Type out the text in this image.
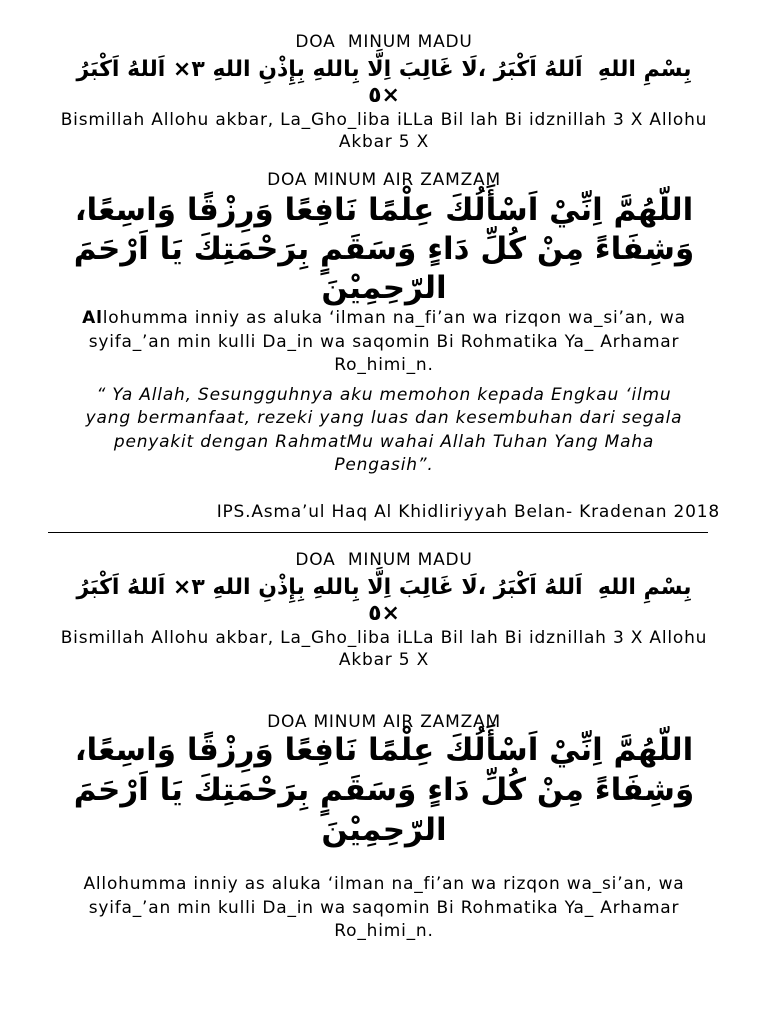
DOA  MINUM MADU
بِسْمِ اللهِ  اَللهُ اَكْبَرُ ،لَا غَالِبَ اِلَّا بِاللهِ بِإِذْنِ اللهِ ٣× اَللهُ اَكْبَرُ
×٥
Bismillah Allohu akbar, La_Gho_liba iLLa Bil lah Bi idznillah 3 X Allohu
Akbar 5 X
DOA MINUM AIR ZAMZAM
اللّهُمَّ اِنِّيْ اَسْأَلُكَ عِلْمًا نَافِعًا وَرِزْقًا وَاسِعًا،
وَشِفَاءً مِنْ كُلِّ دَاءٍ وَسَقَمٍ بِرَحْمَتِكَ يَا اَرْحَمَ
الرّحِمِيْنَ
Allohumma inniy as aluka ‘ilman na_fi’an wa rizqon wa_si’an, wa
syifa_’an min kulli Da_in wa saqomin Bi Rohmatika Ya_ Arhamar
Ro_himi_n.
“ Ya Allah, Sesungguhnya aku memohon kepada Engkau ‘ilmu
yang bermanfaat, rezeki yang luas dan kesembuhan dari segala
penyakit dengan RahmatMu wahai Allah Tuhan Yang Maha
Pengasih”.
IPS.Asma’ul Haq Al Khidliriyyah Belan- Kradenan 2018
DOA  MINUM MADU
بِسْمِ اللهِ  اَللهُ اَكْبَرُ ،لَا غَالِبَ اِلَّا بِاللهِ بِإِذْنِ اللهِ ٣× اَللهُ اَكْبَرُ
×٥
Bismillah Allohu akbar, La_Gho_liba iLLa Bil lah Bi idznillah 3 X Allohu
Akbar 5 X
DOA MINUM AIR ZAMZAM
اللّهُمَّ اِنِّيْ اَسْأَلُكَ عِلْمًا نَافِعًا وَرِزْقًا وَاسِعًا،
وَشِفَاءً مِنْ كُلِّ دَاءٍ وَسَقَمٍ بِرَحْمَتِكَ يَا اَرْحَمَ
الرّحِمِيْنَ
Allohumma inniy as aluka ‘ilman na_fi’an wa rizqon wa_si’an, wa
syifa_’an min kulli Da_in wa saqomin Bi Rohmatika Ya_ Arhamar
Ro_himi_n.
